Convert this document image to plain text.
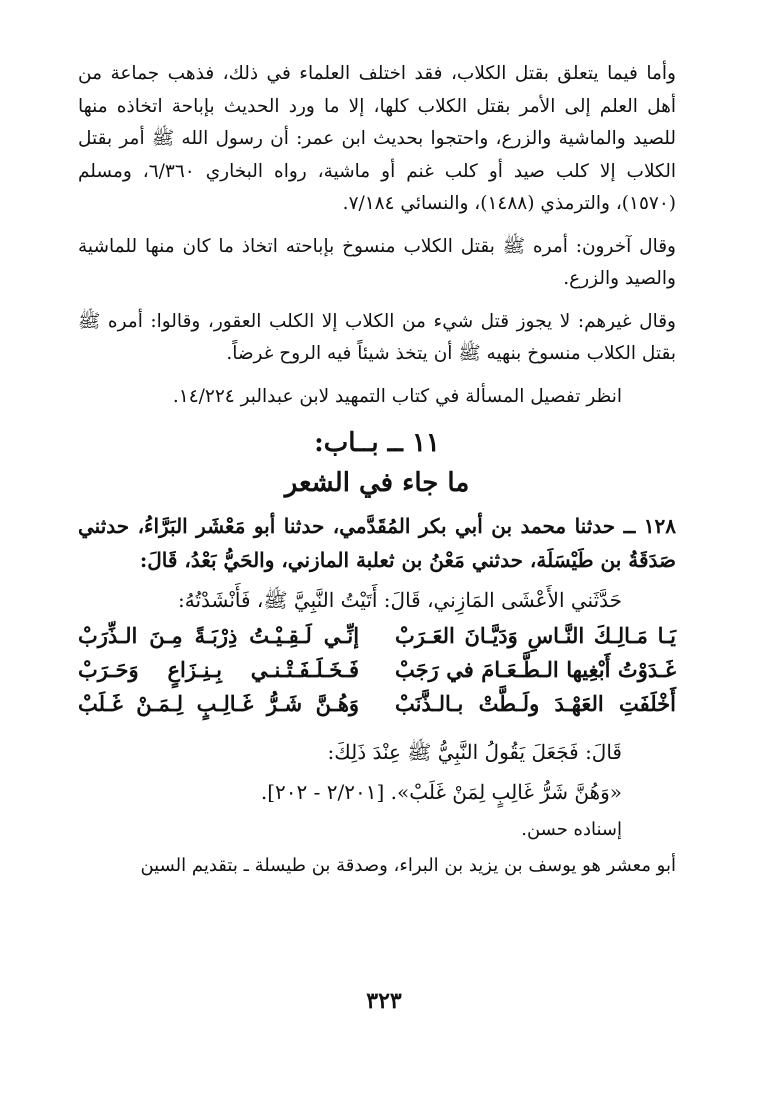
وأما فيما يتعلق بقتل الكلاب، فقد اختلف العلماء في ذلك، فذهب جماعة من أهل العلم إلى الأمر بقتل الكلاب كلها، إلا ما ورد الحديث بإباحة اتخاذه منها للصيد والماشية والزرع، واحتجوا بحديث ابن عمر: أن رسول الله ﷺ أمر بقتل الكلاب إلا كلب صيد أو كلب غنم أو ماشية، رواه البخاري ٦/٣٦٠، ومسلم (١٥٧٠)، والترمذي (١٤٨٨)، والنسائي ٧/١٨٤.

وقال آخرون: أمره ﷺ بقتل الكلاب منسوخ بإباحته اتخاذ ما كان منها للماشية والصيد والزرع.

وقال غيرهم: لا يجوز قتل شيء من الكلاب إلا الكلب العقور، وقالوا: أمره ﷺ بقتل الكلاب منسوخ بنهيه ﷺ أن يتخذ شيئاً فيه الروح غرضاً.

انظر تفصيل المسألة في كتاب التمهيد لابن عبدالبر ١٤/٢٢٤.

١١ ــ بــاب:
ما جاء في الشعر

١٢٨ ــ حدثنا محمد بن أبي بكر المُقَدَّمي، حدثنا أبو مَعْشَر البَرَّاءُ، حدثني صَدَقَةُ بن طَيْسَلَة، حدثني مَعْنُ بن ثعلبة المازني، والحَيُّ بَعْدُ، قَالَ:

حَدَّثَني الأَعْشَى المَازِني، قَالَ: أَتَيْتُ النَّبِيَّ ﷺ، فَأَنْشَدْتُهُ:

يَـا مَـالِـكَ النَّـاسِ وَدَيَّـانَ العَـرَبْ
إنِّـي لَـقِـيْـتُ ذِرْبَـةً مِـنَ الـذِّرَبْ
غَـدَوْتُ أَبْغِيها الـطَّـعَـامَ في رَجَبْ
فَـخَـلَـفَـتْـنـي بِـنِـزَاعٍ وَحَـرَبْ
أَخْلَفَتِ العَهْـدَ ولَـطَّتْ بـالـذَّنَبْ
وَهُـنَّ شَـرُّ غَـالِـبٍ لِـمَـنْ غَـلَبْ

قَالَ: فَجَعَلَ يَقُولُ النَّبِيُّ ﷺ عِنْدَ ذَلِكَ:

«وَهُنَّ شَرُّ غَالِبٍ لِمَنْ غَلَبْ». [٢/٢٠١ - ٢٠٢].

إسناده حسن.

أبو معشر هو يوسف بن يزيد بن البراء، وصدقة بن طيسلة ـ بتقديم السين

٣٢٣
